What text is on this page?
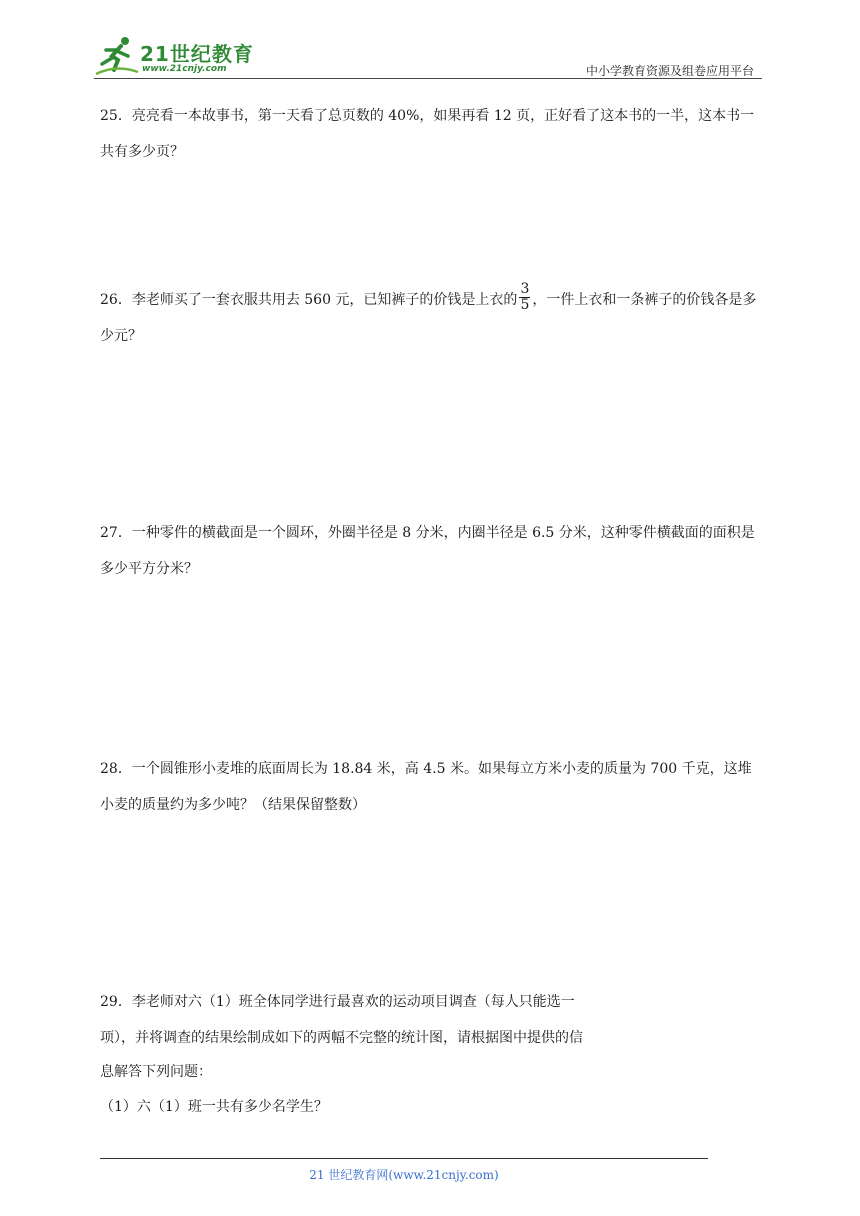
21世纪教育
www.21cnjy.com	中小学教育资源及组卷应用平台

25．亮亮看一本故事书，第一天看了总页数的 40%，如果再看 12 页，正好看了这本书的一半，这本书一共有多少页？

26．李老师买了一套衣服共用去 560 元，已知裤子的价钱是上衣的 $\frac{3}{5}$ ，一件上衣和一条裤子的价钱各是多少元？

27．一种零件的横截面是一个圆环，外圈半径是 8 分米，内圈半径是 6.5 分米，这种零件横截面的面积是多少平方分米？

28．一个圆锥形小麦堆的底面周长为 18.84 米，高 4.5 米。如果每立方米小麦的质量为 700 千克，这堆小麦的质量约为多少吨？（结果保留整数）

29．李老师对六（1）班全体同学进行最喜欢的运动项目调查（每人只能选一

项），并将调查的结果绘制成如下的两幅不完整的统计图，请根据图中提供的信

息解答下列问题：

（1）六（1）班一共有多少名学生？

21 世纪教育网(www.21cnjy.com)
